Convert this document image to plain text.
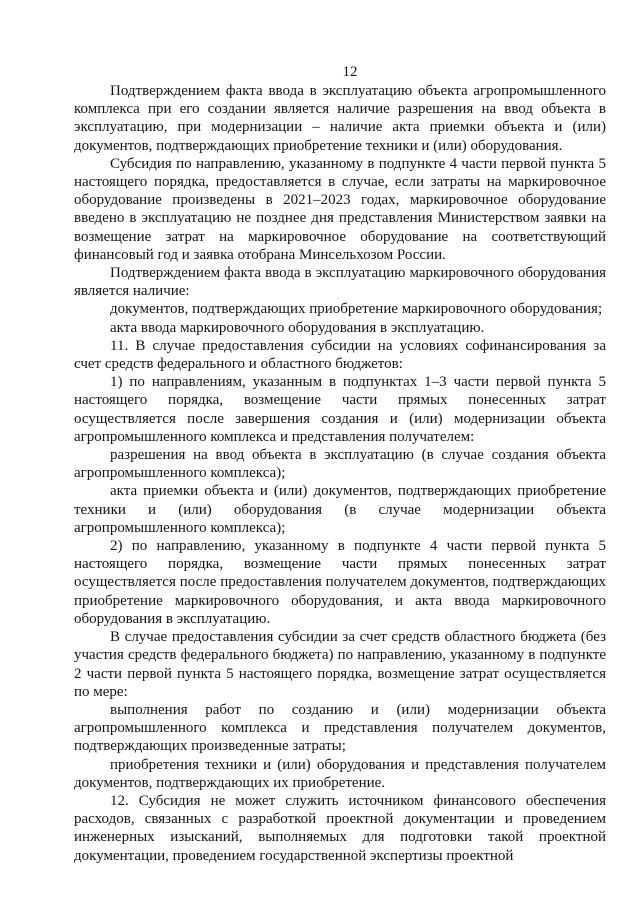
12

Подтверждением факта ввода в эксплуатацию объекта агропромышленного комплекса при его создании является наличие разрешения на ввод объекта в эксплуатацию, при модернизации – наличие акта приемки объекта и (или) документов, подтверждающих приобретение техники и (или) оборудования.

Субсидия по направлению, указанному в подпункте 4 части первой пункта 5 настоящего порядка, предоставляется в случае, если затраты на маркировочное оборудование произведены в 2021–2023 годах, маркировочное оборудование введено в эксплуатацию не позднее дня представления Министерством заявки на возмещение затрат на маркировочное оборудование на соответствующий финансовый год и заявка отобрана Минсельхозом России.

Подтверждением факта ввода в эксплуатацию маркировочного оборудования является наличие:

документов, подтверждающих приобретение маркировочного оборудования;

акта ввода маркировочного оборудования в эксплуатацию.

11. В случае предоставления субсидии на условиях софинансирования за счет средств федерального и областного бюджетов:

1) по направлениям, указанным в подпунктах 1–3 части первой пункта 5 настоящего порядка, возмещение части прямых понесенных затрат осуществляется после завершения создания и (или) модернизации объекта агропромышленного комплекса и представления получателем:

разрешения на ввод объекта в эксплуатацию (в случае создания объекта агропромышленного комплекса);

акта приемки объекта и (или) документов, подтверждающих приобретение техники и (или) оборудования (в случае модернизации объекта агропромышленного комплекса);

2) по направлению, указанному в подпункте 4 части первой пункта 5 настоящего порядка, возмещение части прямых понесенных затрат осуществляется после предоставления получателем документов, подтверждающих приобретение маркировочного оборудования, и акта ввода маркировочного оборудования в эксплуатацию.

В случае предоставления субсидии за счет средств областного бюджета (без участия средств федерального бюджета) по направлению, указанному в подпункте 2 части первой пункта 5 настоящего порядка, возмещение затрат осуществляется по мере:

выполнения работ по созданию и (или) модернизации объекта агропромышленного комплекса и представления получателем документов, подтверждающих произведенные затраты;

приобретения техники и (или) оборудования и представления получателем документов, подтверждающих их приобретение.

12. Субсидия не может служить источником финансового обеспечения расходов, связанных с разработкой проектной документации и проведением инженерных изысканий, выполняемых для подготовки такой проектной документации, проведением государственной экспертизы проектной
